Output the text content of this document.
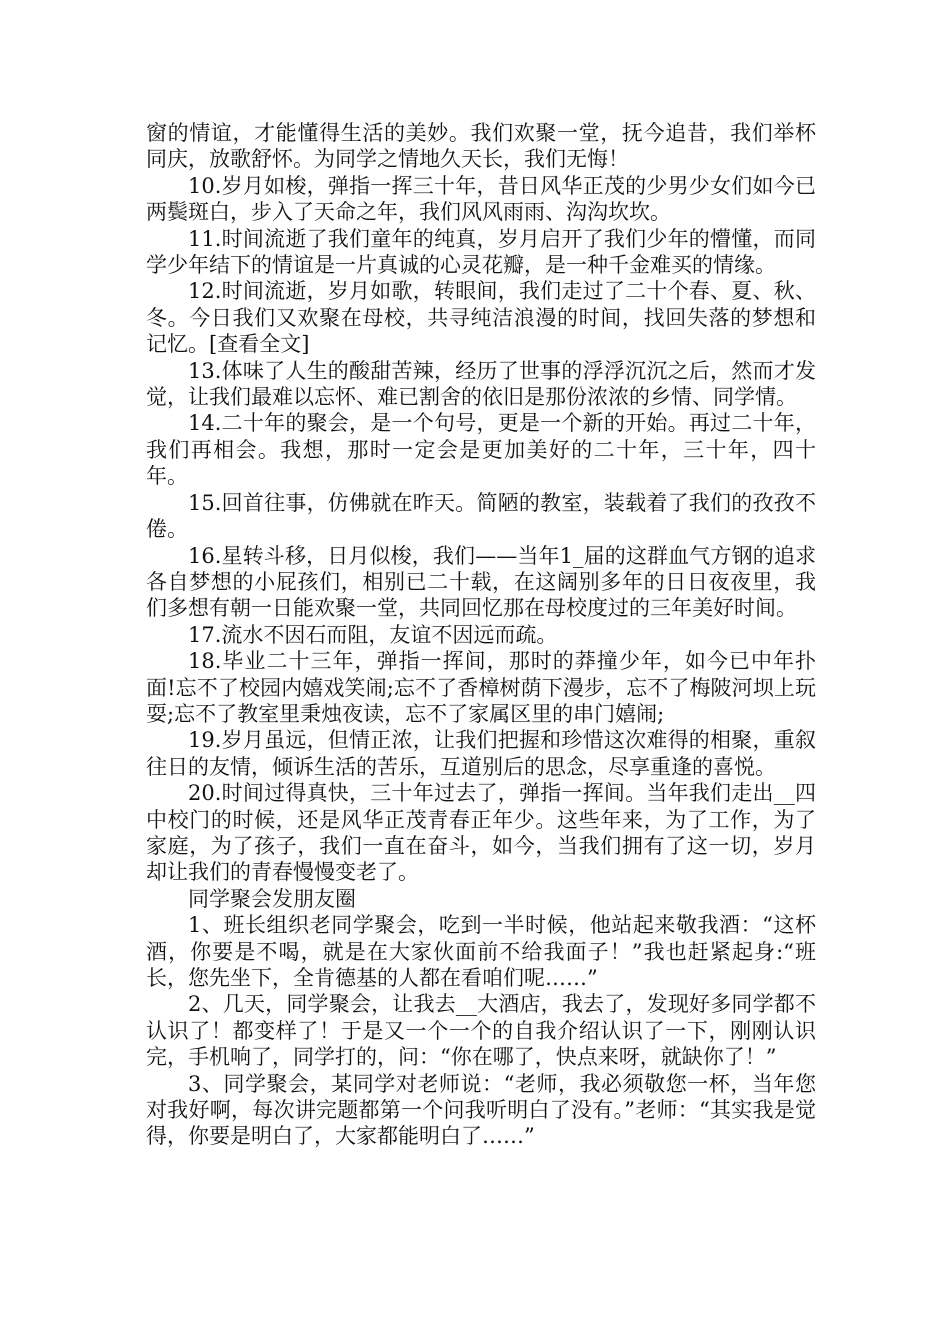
窗的情谊，才能懂得生活的美妙。我们欢聚一堂，抚今追昔，我们举杯同庆，放歌舒怀。为同学之情地久天长，我们无悔！

10.岁月如梭，弹指一挥三十年，昔日风华正茂的少男少女们如今已两鬓斑白，步入了天命之年，我们风风雨雨、沟沟坎坎。

11.时间流逝了我们童年的纯真，岁月启开了我们少年的懵懂，而同学少年结下的情谊是一片真诚的心灵花瓣，是一种千金难买的情缘。

12.时间流逝，岁月如歌，转眼间，我们走过了二十个春、夏、秋、冬。今日我们又欢聚在母校，共寻纯洁浪漫的时间，找回失落的梦想和记忆。[查看全文]

13.体味了人生的酸甜苦辣，经历了世事的浮浮沉沉之后，然而才发觉，让我们最难以忘怀、难已割舍的依旧是那份浓浓的乡情、同学情。

14.二十年的聚会，是一个句号，更是一个新的开始。再过二十年，我们再相会。我想，那时一定会是更加美好的二十年，三十年，四十年。

15.回首往事，仿佛就在昨天。简陋的教室，装载着了我们的孜孜不倦。

16.星转斗移，日月似梭，我们——当年1_届的这群血气方钢的追求各自梦想的小屁孩们，相别已二十载，在这阔别多年的日日夜夜里，我们多想有朝一日能欢聚一堂，共同回忆那在母校度过的三年美好时间。

17.流水不因石而阻，友谊不因远而疏。

18.毕业二十三年，弹指一挥间，那时的莽撞少年，如今已中年扑面!忘不了校园内嬉戏笑闹;忘不了香樟树荫下漫步，忘不了梅陂河坝上玩耍;忘不了教室里秉烛夜读，忘不了家属区里的串门嬉闹;

19.岁月虽远，但情正浓，让我们把握和珍惜这次难得的相聚，重叙往日的友情，倾诉生活的苦乐，互道别后的思念，尽享重逢的喜悦。

20.时间过得真快，三十年过去了，弹指一挥间。当年我们走出__四中校门的时候，还是风华正茂青春正年少。这些年来，为了工作，为了家庭，为了孩子，我们一直在奋斗，如今，当我们拥有了这一切，岁月却让我们的青春慢慢变老了。

同学聚会发朋友圈

1、班长组织老同学聚会，吃到一半时候，他站起来敬我酒：“这杯酒，你要是不喝，就是在大家伙面前不给我面子！”我也赶紧起身:“班长，您先坐下，全肯德基的人都在看咱们呢……”

2、几天，同学聚会，让我去__大酒店，我去了，发现好多同学都不认识了！都变样了！于是又一个一个的自我介绍认识了一下，刚刚认识完，手机响了，同学打的，问：“你在哪了，快点来呀，就缺你了！”

3、同学聚会，某同学对老师说：“老师，我必须敬您一杯，当年您对我好啊，每次讲完题都第一个问我听明白了没有。”老师：“其实我是觉得，你要是明白了，大家都能明白了……”
